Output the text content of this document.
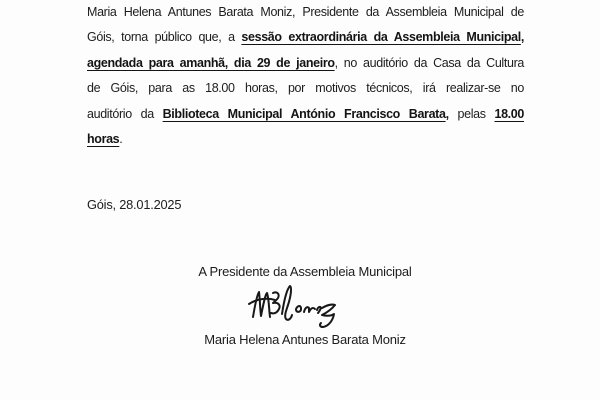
Maria Helena Antunes Barata Moniz, Presidente da Assembleia Municipal de
Góis, torna público que, a sessão extraordinária da Assembleia Municipal,
agendada para amanhã, dia 29 de janeiro, no auditório da Casa da Cultura
de Góis, para as 18.00 horas, por motivos técnicos, irá realizar-se no
auditório da Biblioteca Municipal António Francisco Barata, pelas 18.00
horas.

Góis, 28.01.2025
A Presidente da Assembleia Municipal
Maria Helena Antunes Barata Moniz
